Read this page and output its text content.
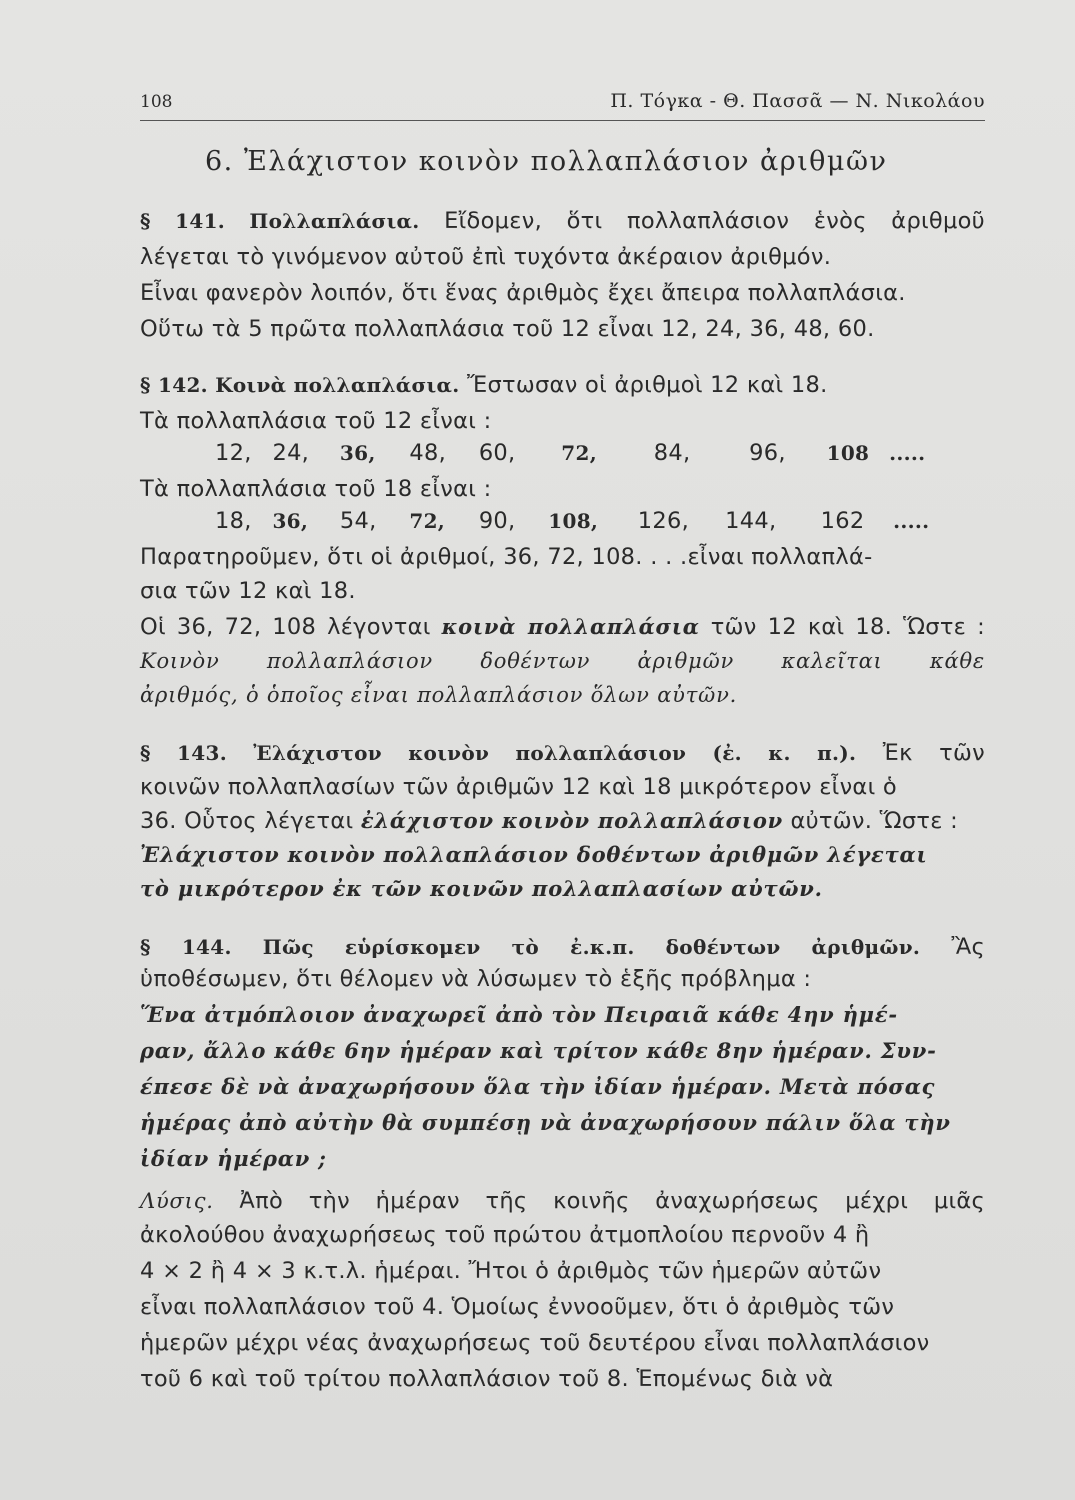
108	Π. Τόγκα - Θ. Πασσᾶ — Ν. Νικολάου
6. Ἐλάχιστον κοινὸν πολλαπλάσιον ἀριθμῶν
§ 141. Πολλαπλάσια. Εἴδομεν, ὅτι πολλαπλάσιον ἑνὸς ἀριθμοῦ
λέγεται τὸ γινόμενον αὐτοῦ ἐπὶ τυχόντα ἀκέραιον ἀριθμόν.
Εἶναι φανερὸν λοιπόν, ὅτι ἕνας ἀριθμὸς ἔχει ἄπειρα πολλαπλάσια.
Οὕτω τὰ 5 πρῶτα πολλαπλάσια τοῦ 12 εἶναι 12, 24, 36, 48, 60.
§ 142. Κοινὰ πολλαπλάσια. Ἔστωσαν οἱ ἀριθμοὶ 12 καὶ 18.
Τὰ πολλαπλάσια τοῦ 12 εἶναι :
12, 24, 36, 48, 60, 72,	84,	96, 108 .....
Τὰ πολλαπλάσια τοῦ 18 εἶναι :
18, 36, 54, 72, 90, 108, 126, 144, 162 .....
Παρατηροῦμεν, ὅτι οἱ ἀριθμοί, 36, 72, 108. . . .εἶναι πολλαπλά-
σια τῶν 12 καὶ 18.
Οἱ 36, 72, 108 λέγονται κοινὰ πολλαπλάσια τῶν 12 καὶ 18. Ὥστε :
Κοινὸν πολλαπλάσιον δοθέντων ἀριθμῶν καλεῖται κάθε
ἀριθμός, ὁ ὁποῖος εἶναι πολλαπλάσιον ὅλων αὐτῶν.
§ 143. Ἐλάχιστον κοινὸν πολλαπλάσιον (ἐ. κ. π.). Ἐκ τῶν
κοινῶν πολλαπλασίων τῶν ἀριθμῶν 12 καὶ 18 μικρότερον εἶναι ὁ
36. Οὗτος λέγεται ἐλάχιστον κοινὸν πολλαπλάσιον αὐτῶν. Ὥστε :
Ἐλάχιστον κοινὸν πολλαπλάσιον δοθέντων ἀριθμῶν λέγεται
τὸ μικρότερον ἐκ τῶν κοινῶν πολλαπλασίων αὐτῶν.
§ 144. Πῶς εὑρίσκομεν τὸ ἐ.κ.π. δοθέντων ἀριθμῶν. Ἂς
ὑποθέσωμεν, ὅτι θέλομεν νὰ λύσωμεν τὸ ἑξῆς πρόβλημα :
Ἕνα ἀτμόπλοιον ἀναχωρεῖ ἀπὸ τὸν Πειραιᾶ κάθε 4ην ἡμέ-
ραν, ἄλλο κάθε 6ην ἡμέραν καὶ τρίτον κάθε 8ην ἡμέραν. Συν-
έπεσε δὲ νὰ ἀναχωρήσουν ὅλα τὴν ἰδίαν ἡμέραν. Μετὰ πόσας
ἡμέρας ἀπὸ αὐτὴν θὰ συμπέσῃ νὰ ἀναχωρήσουν πάλιν ὅλα τὴν
ἰδίαν ἡμέραν ;
Λύσις. Ἀπὸ τὴν ἡμέραν τῆς κοινῆς ἀναχωρήσεως μέχρι μιᾶς
ἀκολούθου ἀναχωρήσεως τοῦ πρώτου ἀτμοπλοίου περνοῦν 4 ἢ
4 × 2 ἢ 4 × 3 κ.τ.λ. ἡμέραι. Ἤτοι ὁ ἀριθμὸς τῶν ἡμερῶν αὐτῶν
εἶναι πολλαπλάσιον τοῦ 4. Ὁμοίως ἐννοοῦμεν, ὅτι ὁ ἀριθμὸς τῶν
ἡμερῶν μέχρι νέας ἀναχωρήσεως τοῦ δευτέρου εἶναι πολλαπλάσιον
τοῦ 6 καὶ τοῦ τρίτου πολλαπλάσιον τοῦ 8. Ἑπομένως διὰ νὰ
